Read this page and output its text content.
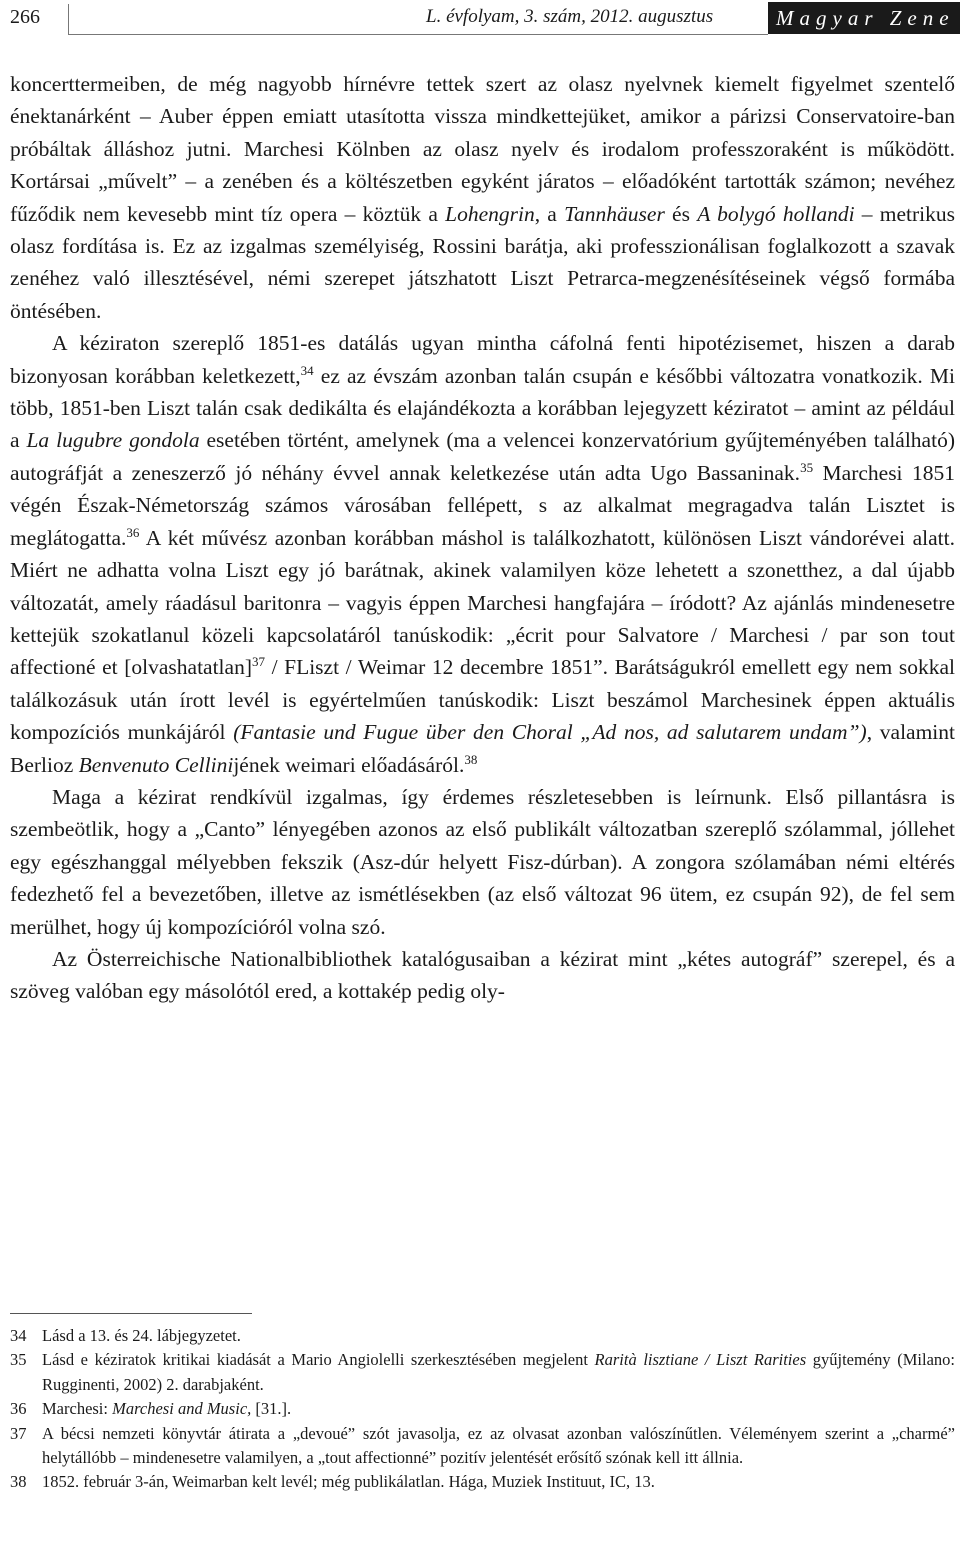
266	L. évfolyam, 3. szám, 2012. augusztus	Magyar Zene

koncerttermeiben, de még nagyobb hírnévre tettek szert az olasz nyelvnek kiemelt figyelmet szentelő énektanárként – Auber éppen emiatt utasította vissza mindkettejüket, amikor a párizsi Conservatoire-ban próbáltak álláshoz jutni. Marchesi Kölnben az olasz nyelv és irodalom professzoraként is működött. Kortársai „művelt” – a zenében és a költészetben egyként járatos – előadóként tartották számon; nevéhez fűződik nem kevesebb mint tíz opera – köztük a Lohengrin, a Tannhäuser és A bolygó hollandi – metrikus olasz fordítása is. Ez az izgalmas személyiség, Rossini barátja, aki professzionálisan foglalkozott a szavak zenéhez való illesztésével, némi szerepet játszhatott Liszt Petrarca-megzenésítéseinek végső formába öntésében.

A kéziraton szereplő 1851-es datálás ugyan mintha cáfolná fenti hipotézisemet, hiszen a darab bizonyosan korábban keletkezett,$^{34}$ ez az évszám azonban talán csupán e későbbi változatra vonatkozik. Mi több, 1851-ben Liszt talán csak dedikálta és elajándékozta a korábban lejegyzett kéziratot – amint az például a La lugubre gondola esetében történt, amelynek (ma a velencei konzervatórium gyűjteményében található) autográfját a zeneszerző jó néhány évvel annak keletkezése után adta Ugo Bassaninak.$^{35}$ Marchesi 1851 végén Észak-Németország számos városában fellépett, s az alkalmat megragadva talán Lisztet is meglátogatta.$^{36}$ A két művész azonban korábban máshol is találkozhatott, különösen Liszt vándorévei alatt. Miért ne adhatta volna Liszt egy jó barátnak, akinek valamilyen köze lehetett a szonetthez, a dal újabb változatát, amely ráadásul baritonra – vagyis éppen Marchesi hangfajára – íródott? Az ajánlás mindenesetre kettejük szokatlanul közeli kapcsolatáról tanúskodik: „écrit pour Salvatore / Marchesi / par son tout affectioné et [olvashatatlan]$^{37}$ / FLiszt / Weimar 12 decembre 1851”. Barátságukról emellett egy nem sokkal találkozásuk után írott levél is egyértelműen tanúskodik: Liszt beszámol Marchesinek éppen aktuális kompozíciós munkájáról (Fantasie und Fugue über den Choral „Ad nos, ad salutarem undam”), valamint Berlioz Benvenuto Cellinijének weimari előadásáról.$^{38}$

Maga a kézirat rendkívül izgalmas, így érdemes részletesebben is leírnunk. Első pillantásra is szembeötlik, hogy a „Canto” lényegében azonos az első publikált változatban szereplő szólammal, jóllehet egy egészhanggal mélyebben fekszik (Asz-dúr helyett Fisz-dúrban). A zongora szólamában némi eltérés fedezhető fel a bevezetőben, illetve az ismétlésekben (az első változat 96 ütem, ez csupán 92), de fel sem merülhet, hogy új kompozícióról volna szó.

Az Österreichische Nationalbibliothek katalógusaiban a kézirat mint „kétes autográf” szerepel, és a szöveg valóban egy másolótól ered, a kottakép pedig oly-

34 Lásd a 13. és 24. lábjegyzetet.
35 Lásd e kéziratok kritikai kiadását a Mario Angiolelli szerkesztésében megjelent Rarità lisztiane / Liszt Rarities gyűjtemény (Milano: Rugginenti, 2002) 2. darabjaként.
36 Marchesi: Marchesi and Music, [31.].
37 A bécsi nemzeti könyvtár átirata a „devoué” szót javasolja, ez az olvasat azonban valószínűtlen. Véleményem szerint a „charmé” helytállóbb – mindenesetre valamilyen, a „tout affectionné” pozitív jelentését erősítő szónak kell itt állnia.
38 1852. február 3-án, Weimarban kelt levél; még publikálatlan. Hága, Muziek Instituut, IC, 13.
